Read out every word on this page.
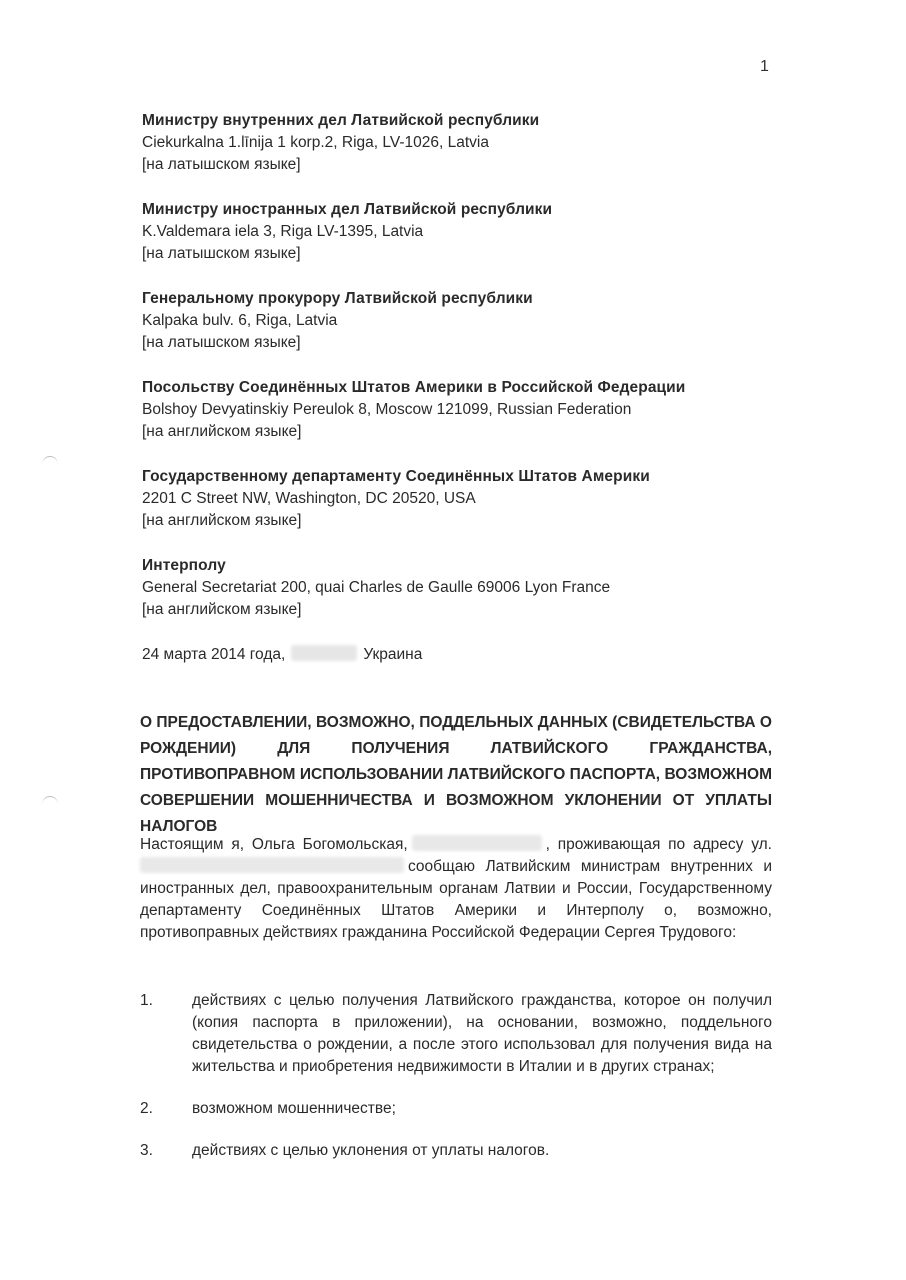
1
Министру внутренних дел Латвийской республики
Ciekurkalna 1.līnija 1 korp.2, Riga, LV-1026, Latvia
[на латышском языке]
Министру иностранных дел Латвийской республики
K.Valdemara iela 3, Riga LV-1395, Latvia
[на латышском языке]
Генеральному прокурору Латвийской республики
Kalpaka bulv. 6, Riga, Latvia
[на латышском языке]
Посольству Соединённых Штатов Америки в Российской Федерации
Bolshoy Devyatinskiy Pereulok 8, Moscow 121099, Russian Federation
[на английском языке]
Государственному департаменту Соединённых Штатов Америки
2201 C Street NW, Washington, DC 20520, USA
[на английском языке]
Интерполу
General Secretariat 200, quai Charles de Gaulle 69006 Lyon France
[на английском языке]
24 марта 2014 года,	Украина
О ПРЕДОСТАВЛЕНИИ, ВОЗМОЖНО, ПОДДЕЛЬНЫХ ДАННЫХ (СВИДЕТЕЛЬСТВА О РОЖДЕНИИ) ДЛЯ ПОЛУЧЕНИЯ ЛАТВИЙСКОГО ГРАЖДАНСТВА, ПРОТИВОПРАВНОМ ИСПОЛЬЗОВАНИИ ЛАТВИЙСКОГО ПАСПОРТА, ВОЗМОЖНОМ СОВЕРШЕНИИ МОШЕННИЧЕСТВА И ВОЗМОЖНОМ УКЛОНЕНИИ ОТ УПЛАТЫ НАЛОГОВ
Настоящим я, Ольга Богомольская,	, проживающая по адресу ул. сообщаю Латвийским министрам внутренних и иностранных дел, правоохранительным органам Латвии и России, Государственному департаменту Соединённых Штатов Америки и Интерполу о, возможно, противоправных действиях гражданина Российской Федерации Сергея Трудового:
1.	действиях с целью получения Латвийского гражданства, которое он получил (копия паспорта в приложении), на основании, возможно, поддельного свидетельства о рождении, а после этого использовал для получения вида на жительства и приобретения недвижимости в Италии и в других странах;
2.	возможном мошенничестве;
3.	действиях с целью уклонения от уплаты налогов.
